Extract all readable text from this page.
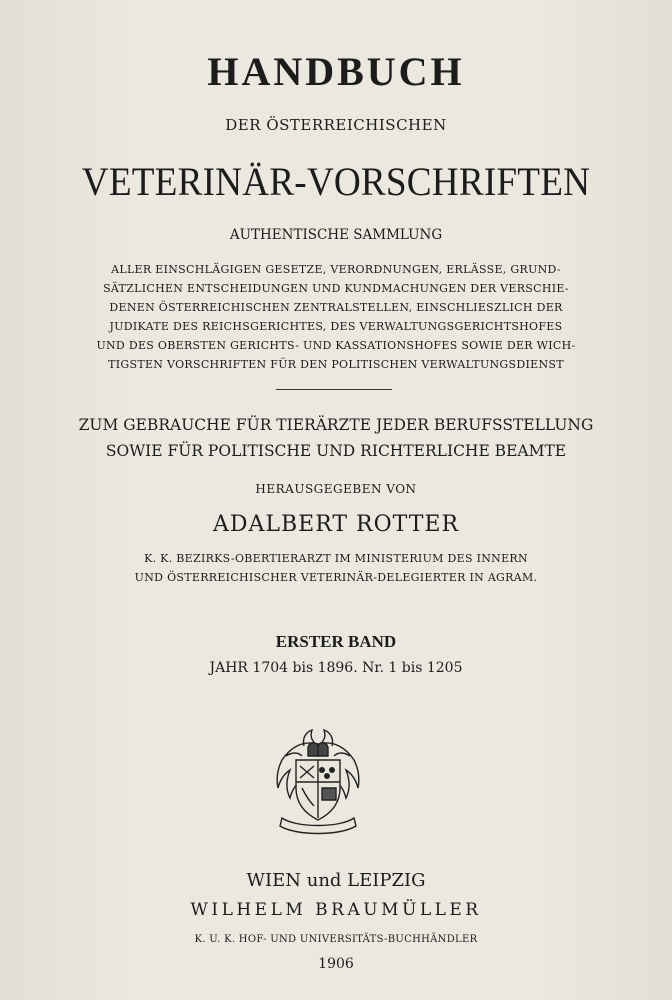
HANDBUCH
DER ÖSTERREICHISCHEN
VETERINÄR-VORSCHRIFTEN
AUTHENTISCHE SAMMLUNG
ALLER EINSCHLÄGIGEN GESETZE, VERORDNUNGEN, ERLÄSSE, GRUND-
SÄTZLICHEN ENTSCHEIDUNGEN UND KUNDMACHUNGEN DER VERSCHIE-
DENEN ÖSTERREICHISCHEN ZENTRALSTELLEN, EINSCHLIESZLICH DER
JUDIKATE DES REICHSGERICHTES, DES VERWALTUNGSGERICHTSHOFES
UND DES OBERSTEN GERICHTS- UND KASSATIONSHOFES SOWIE DER WICH-
TIGSTEN VORSCHRIFTEN FÜR DEN POLITISCHEN VERWALTUNGSDIENST
ZUM GEBRAUCHE FÜR TIERÄRZTE JEDER BERUFSSTELLUNG
SOWIE FÜR POLITISCHE UND RICHTERLICHE BEAMTE
HERAUSGEGEBEN VON
ADALBERT ROTTER
K. K. BEZIRKS-OBERTIERARZT IM MINISTERIUM DES INNERN
UND ÖSTERREICHISCHER VETERINÄR-DELEGIERTER IN AGRAM.
ERSTER BAND
JAHR 1704 bis 1896. Nr. 1 bis 1205
WIEN und LEIPZIG
WILHELM BRAUMÜLLER
K. U. K. HOF- UND UNIVERSITÄTS-BUCHHÄNDLER
1906
